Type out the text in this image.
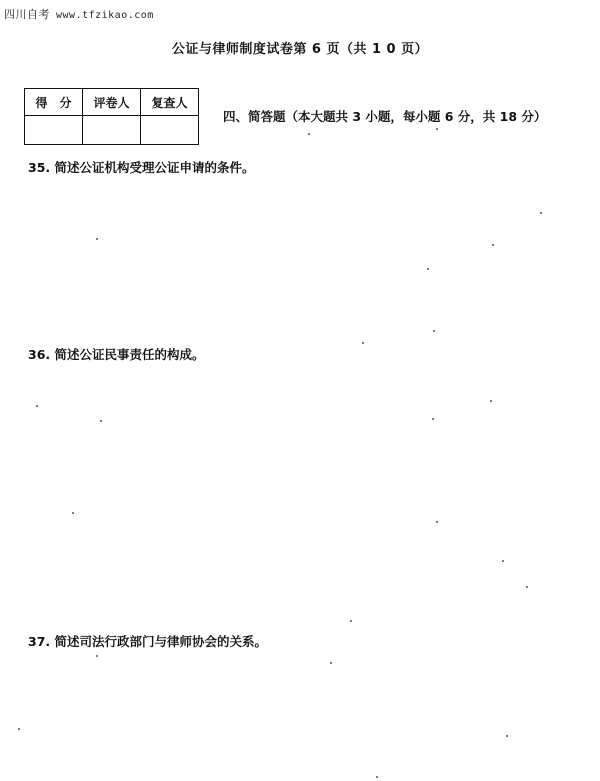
四川自考 www.tfzikao.com
公证与律师制度试卷第 6 页（共 1 0 页）
得　分	评卷人	复查人

四、简答题（本大题共 3 小题，每小题 6 分，共 18 分）
35. 简述公证机构受理公证申请的条件。
36. 简述公证民事责任的构成。
37. 简述司法行政部门与律师协会的关系。
